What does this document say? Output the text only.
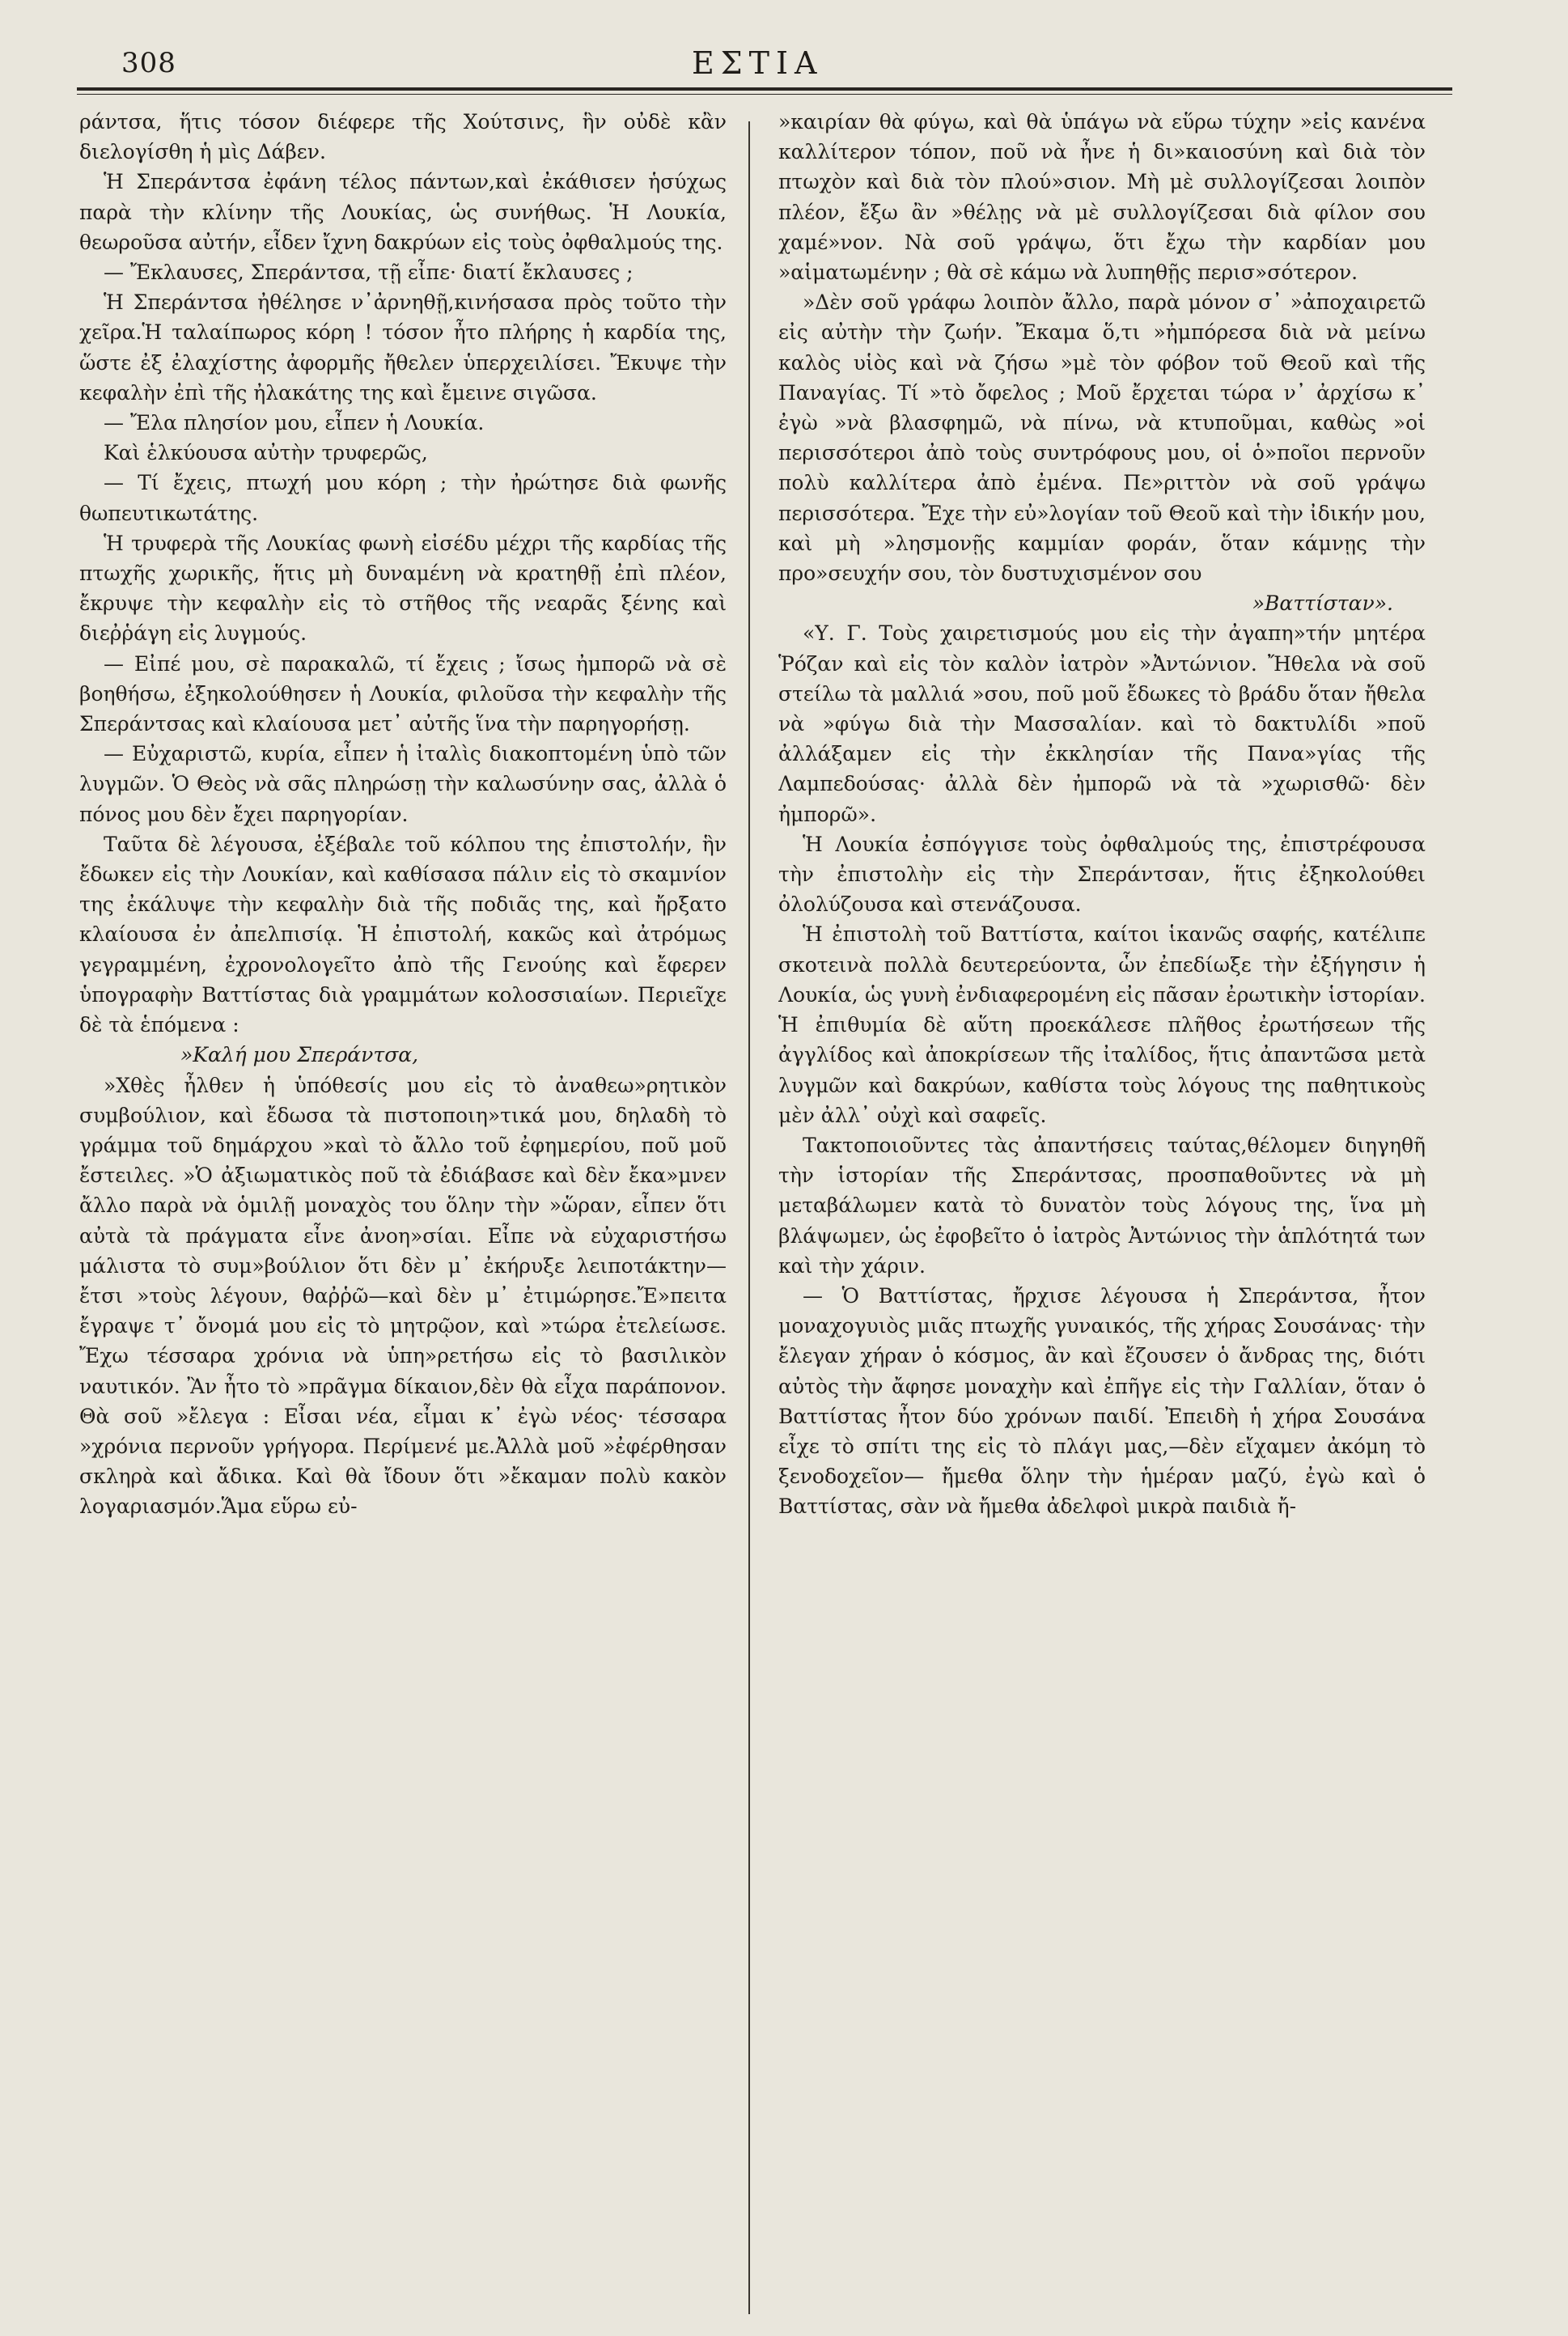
308	ΕΣΤΙΑ

ράντσα, ἥτις τόσον διέφερε τῆς Χούτσινς, ἣν οὐδὲ κἂν διελογίσθη ἡ μὶς Δάβεν.

Ἡ Σπεράντσα ἐφάνη τέλος πάντων,καὶ ἐκάθισεν ἡσύχως παρὰ τὴν κλίνην τῆς Λουκίας, ὡς συνήθως. Ἡ Λουκία, θεωροῦσα αὐτήν, εἶδεν ἴχνη δακρύων εἰς τοὺς ὀφθαλμούς της.

— Ἔκλαυσες, Σπεράντσα, τῇ εἶπε· διατί ἔκλαυσες ;

Ἡ Σπεράντσα ἠθέλησε ν᾽ἀρνηθῇ,κινήσασα πρὸς τοῦτο τὴν χεῖρα.Ἡ ταλαίπωρος κόρη ! τόσον ἦτο πλήρης ἡ καρδία της, ὥστε ἐξ ἐλαχίστης ἀφορμῆς ἤθελεν ὑπερχειλίσει. Ἔκυψε τὴν κεφαλὴν ἐπὶ τῆς ἠλακάτης της καὶ ἔμεινε σιγῶσα.

— Ἔλα πλησίον μου, εἶπεν ἡ Λουκία.

Καὶ ἑλκύουσα αὐτὴν τρυφερῶς,

— Τί ἔχεις, πτωχή μου κόρη ; τὴν ἠρώτησε διὰ φωνῆς θωπευτικωτάτης.

Ἡ τρυφερὰ τῆς Λουκίας φωνὴ εἰσέδυ μέχρι τῆς καρδίας τῆς πτωχῆς χωρικῆς, ἥτις μὴ δυναμένη νὰ κρατηθῇ ἐπὶ πλέον, ἔκρυψε τὴν κεφαλὴν εἰς τὸ στῆθος τῆς νεαρᾶς ξένης καὶ διεῤῥάγη εἰς λυγμούς.

— Εἰπέ μου, σὲ παρακαλῶ, τί ἔχεις ; ἴσως ἠμπορῶ νὰ σὲ βοηθήσω, ἐξηκολούθησεν ἡ Λουκία, φιλοῦσα τὴν κεφαλὴν τῆς Σπεράντσας καὶ κλαίουσα μετ᾽ αὐτῆς ἵνα τὴν παρηγορήσῃ.

— Εὐχαριστῶ, κυρία, εἶπεν ἡ ἰταλὶς διακοπτομένη ὑπὸ τῶν λυγμῶν. Ὁ Θεὸς νὰ σᾶς πληρώσῃ τὴν καλωσύνην σας, ἀλλὰ ὁ πόνος μου δὲν ἔχει παρηγορίαν.

Ταῦτα δὲ λέγουσα, ἐξέβαλε τοῦ κόλπου της ἐπιστολήν, ἣν ἔδωκεν εἰς τὴν Λουκίαν, καὶ καθίσασα πάλιν εἰς τὸ σκαμνίον της ἐκάλυψε τὴν κεφαλὴν διὰ τῆς ποδιᾶς της, καὶ ἤρξατο κλαίουσα ἐν ἀπελπισίᾳ. Ἡ ἐπιστολή, κακῶς καὶ ἀτρόμως γεγραμμένη, ἐχρονολογεῖτο ἀπὸ τῆς Γενούης καὶ ἔφερεν ὑπογραφὴν Βαττίστας διὰ γραμμάτων κολοσσιαίων. Περιεῖχε δὲ τὰ ἑπόμενα :

»Καλή μου Σπεράντσα,

»Χθὲς ἦλθεν ἡ ὑπόθεσίς μου εἰς τὸ ἀναθεω»ρητικὸν συμβούλιον, καὶ ἔδωσα τὰ πιστοποιη»τικά μου, δηλαδὴ τὸ γράμμα τοῦ δημάρχου »καὶ τὸ ἄλλο τοῦ ἐφημερίου, ποῦ μοῦ ἔστειλες. »Ὁ ἀξιωματικὸς ποῦ τὰ ἐδιάβασε καὶ δὲν ἔκα»μνεν ἄλλο παρὰ νὰ ὁμιλῇ μοναχὸς του ὅλην τὴν »ὥραν, εἶπεν ὅτι αὐτὰ τὰ πράγματα εἶνε ἀνοη»σίαι. Εἶπε νὰ εὐχαριστήσω μάλιστα τὸ συμ»βούλιον ὅτι δὲν μ᾽ ἐκήρυξε λειποτάκτην—ἔτσι »τοὺς λέγουν, θαῤῥῶ—καὶ δὲν μ᾽ ἐτιμώρησε.Ἔ»πειτα ἔγραψε τ᾽ ὄνομά μου εἰς τὸ μητρῷον, καὶ »τώρα ἐτελείωσε. Ἔχω τέσσαρα χρόνια νὰ ὑπη»ρετήσω εἰς τὸ βασιλικὸν ναυτικόν. Ἂν ἦτο τὸ »πρᾶγμα δίκαιον,δὲν θὰ εἶχα παράπονον. Θὰ σοῦ »ἔλεγα : Εἶσαι νέα, εἶμαι κ᾽ ἐγὼ νέος· τέσσαρα »χρόνια περνοῦν γρήγορα. Περίμενέ με.Ἀλλὰ μοῦ »ἐφέρθησαν σκληρὰ καὶ ἄδικα. Καὶ θὰ ἴδουν ὅτι »ἔκαμαν πολὺ κακὸν λογαριασμόν.Ἅμα εὕρω εὐ-

»καιρίαν θὰ φύγω, καὶ θὰ ὑπάγω νὰ εὕρω τύχην »εἰς κανένα καλλίτερον τόπον, ποῦ νὰ ἦνε ἡ δι»καιοσύνη καὶ διὰ τὸν πτωχὸν καὶ διὰ τὸν πλού»σιον. Μὴ μὲ συλλογίζεσαι λοιπὸν πλέον, ἔξω ἂν »θέλῃς νὰ μὲ συλλογίζεσαι διὰ φίλον σου χαμέ»νον. Νὰ σοῦ γράψω, ὅτι ἔχω τὴν καρδίαν μου »αἱματωμένην ; θὰ σὲ κάμω νὰ λυπηθῇς περισ»σότερον.

»Δὲν σοῦ γράφω λοιπὸν ἄλλο, παρὰ μόνον σ᾽ »ἀποχαιρετῶ εἰς αὐτὴν τὴν ζωήν. Ἔκαμα ὅ,τι »ἠμπόρεσα διὰ νὰ μείνω καλὸς υἱὸς καὶ νὰ ζήσω »μὲ τὸν φόβον τοῦ Θεοῦ καὶ τῆς Παναγίας. Τί »τὸ ὄφελος ; Μοῦ ἔρχεται τώρα ν᾽ ἀρχίσω κ᾽ ἐγὼ »νὰ βλασφημῶ, νὰ πίνω, νὰ κτυποῦμαι, καθὼς »οἱ περισσότεροι ἀπὸ τοὺς συντρόφους μου, οἱ ὁ»ποῖοι περνοῦν πολὺ καλλίτερα ἀπὸ ἐμένα. Πε»ριττὸν νὰ σοῦ γράψω περισσότερα. Ἔχε τὴν εὐ»λογίαν τοῦ Θεοῦ καὶ τὴν ἰδικήν μου, καὶ μὴ »λησμονῇς καμμίαν φοράν, ὅταν κάμνῃς τὴν προ»σευχήν σου, τὸν δυστυχισμένον σου

»Βαττίσταν».

«Υ. Γ. Τοὺς χαιρετισμούς μου εἰς τὴν ἀγαπη»τήν μητέρα Ῥόζαν καὶ εἰς τὸν καλὸν ἰατρὸν »Ἀντώνιον. Ἤθελα νὰ σοῦ στείλω τὰ μαλλιά »σου, ποῦ μοῦ ἔδωκες τὸ βράδυ ὅταν ἤθελα νὰ »φύγω διὰ τὴν Μασσαλίαν. καὶ τὸ δακτυλίδι »ποῦ ἀλλάξαμεν εἰς τὴν ἐκκλησίαν τῆς Πανα»γίας τῆς Λαμπεδούσας· ἀλλὰ δὲν ἠμπορῶ νὰ τὰ »χωρισθῶ· δὲν ἠμπορῶ».

Ἡ Λουκία ἐσπόγγισε τοὺς ὀφθαλμούς της, ἐπιστρέφουσα τὴν ἐπιστολὴν εἰς τὴν Σπεράντσαν, ἥτις ἐξηκολούθει ὀλολύζουσα καὶ στενάζουσα.

Ἡ ἐπιστολὴ τοῦ Βαττίστα, καίτοι ἱκανῶς σαφής, κατέλιπε σκοτεινὰ πολλὰ δευτερεύοντα, ὧν ἐπεδίωξε τὴν ἐξήγησιν ἡ Λουκία, ὡς γυνὴ ἐνδιαφερομένη εἰς πᾶσαν ἐρωτικὴν ἱστορίαν. Ἡ ἐπιθυμία δὲ αὕτη προεκάλεσε πλῆθος ἐρωτήσεων τῆς ἀγγλίδος καὶ ἀποκρίσεων τῆς ἰταλίδος, ἥτις ἀπαντῶσα μετὰ λυγμῶν καὶ δακρύων, καθίστα τοὺς λόγους της παθητικοὺς μὲν ἀλλ᾽ οὐχὶ καὶ σαφεῖς.

Τακτοποιοῦντες τὰς ἀπαντήσεις ταύτας,θέλομεν διηγηθῆ τὴν ἱστορίαν τῆς Σπεράντσας, προσπαθοῦντες νὰ μὴ μεταβάλωμεν κατὰ τὸ δυνατὸν τοὺς λόγους της, ἵνα μὴ βλάψωμεν, ὡς ἐφοβεῖτο ὁ ἰατρὸς Ἀντώνιος τὴν ἁπλότητά των καὶ τὴν χάριν.

— Ὁ Βαττίστας, ἤρχισε λέγουσα ἡ Σπεράντσα, ἦτον μοναχογυιὸς μιᾶς πτωχῆς γυναικός, τῆς χήρας Σουσάνας· τὴν ἔλεγαν χήραν ὁ κόσμος, ἂν καὶ ἔζουσεν ὁ ἄνδρας της, διότι αὐτὸς τὴν ἄφησε μοναχὴν καὶ ἐπῆγε εἰς τὴν Γαλλίαν, ὅταν ὁ Βαττίστας ἦτον δύο χρόνων παιδί. Ἐπειδὴ ἡ χήρα Σουσάνα εἶχε τὸ σπίτι της εἰς τὸ πλάγι μας,—δὲν εἴχαμεν ἀκόμη τὸ ξενοδοχεῖον— ἤμεθα ὅλην τὴν ἡμέραν μαζύ, ἐγὼ καὶ ὁ Βαττίστας, σὰν νὰ ἤμεθα ἀδελφοὶ μικρὰ παιδιὰ ἤ-
